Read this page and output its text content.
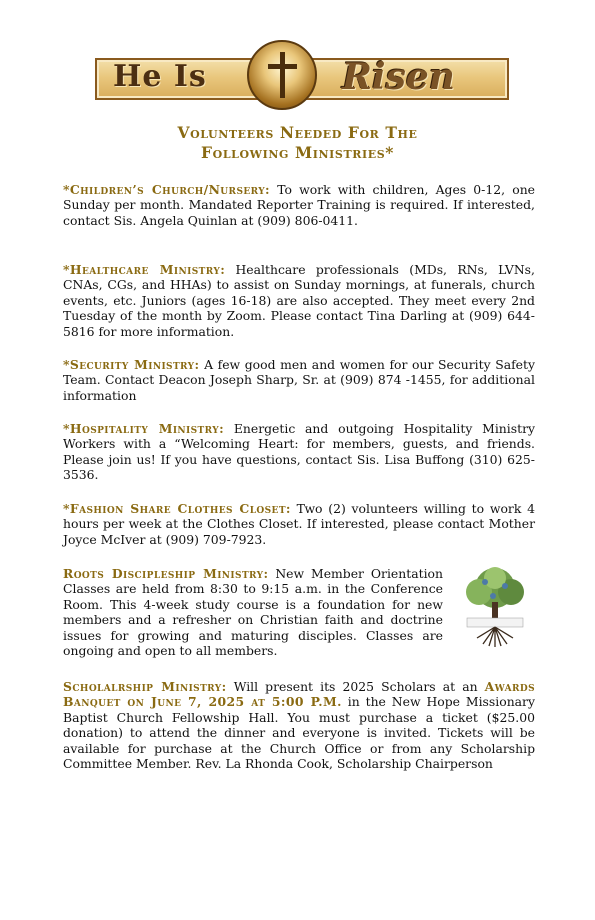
He Is	Risen
Volunteers Needed For The
Following Ministries*
*Children’s Church/Nursery: To work with children, Ages 0-12, one Sunday per month. Mandated Reporter Training is required. If interested, contact Sis. Angela Quinlan at (909) 806-0411.
*Healthcare Ministry: Healthcare professionals (MDs, RNs, LVNs, CNAs, CGs, and HHAs) to assist on Sunday mornings, at funerals, church events, etc. Juniors (ages 16-18) are also accepted. They meet every 2nd Tuesday of the month by Zoom. Please contact Tina Darling at (909) 644-5816 for more information.
*Security Ministry: A few good men and women for our Security Safety Team. Contact Deacon Joseph Sharp, Sr. at (909) 874 -1455, for additional information
*Hospitality Ministry: Energetic and outgoing Hospitality Ministry Workers with a “Welcoming Heart: for members, guests, and friends. Please join us! If you have questions, contact Sis. Lisa Buffong (310) 625-3536.
*Fashion Share Clothes Closet: Two (2) volunteers willing to work 4 hours per week at the Clothes Closet. If interested, please contact Mother Joyce McIver at (909) 709-7923.
Roots Discipleship Ministry: New Member Orientation Classes are held from 8:30 to 9:15 a.m. in the Conference Room. This 4-week study course is a foundation for new members and a refresher on Christian faith and doctrine issues for growing and maturing disciples. Classes are ongoing and open to all members.
Scholalrship Ministry: Will present its 2025 Scholars at an Awards Banquet on June 7, 2025 at 5:00 P.M. in the New Hope Missionary Baptist Church Fellowship Hall. You must purchase a ticket ($25.00 donation) to attend the dinner and everyone is invited. Tickets will be available for purchase at the Church Office or from any Scholarship Committee Member. Rev. La Rhonda Cook, Scholarship Chairperson
